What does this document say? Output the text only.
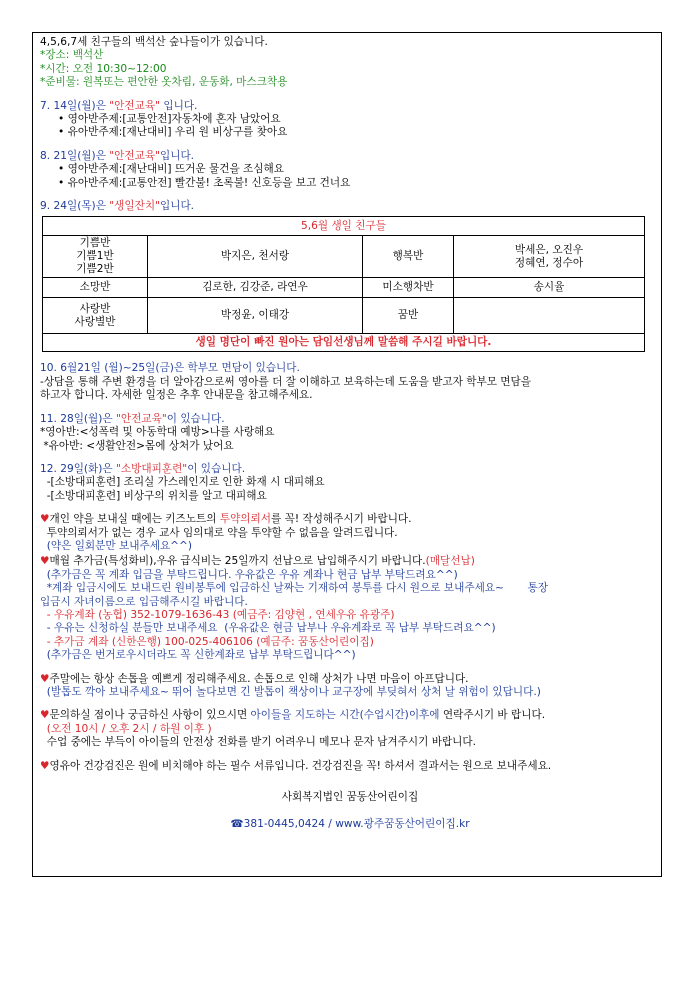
4,5,6,7세 친구들의 백석산 숲나들이가 있습니다.
*장소: 백석산
*시간: 오전 10:30~12:00
*준비물: 원복또는 편안한 옷차림, 운동화, 마스크착용
7. 14일(월)은 "안전교육" 입니다.
• 영아반주제:[교통안전]자동차에 혼자 남았어요
• 유아반주제:[재난대비] 우리 원 비상구를 찾아요
8. 21일(월)은 "안전교육"입니다.
• 영아반주제:[재난대비] 뜨거운 물건을 조심해요
• 유아반주제:[교통안전] 빨간불! 초록불! 신호등을 보고 건너요
9. 24일(목)은 "생일잔치"입니다.
5,6월 생일 친구들			
기쁨반
기쁨1반
기쁨2반	박지은, 천서랑	행복반	박세은, 오진우
정혜연, 정수아
소망반	김로한, 김강준, 라연우	미소행차반	송시율
사랑반
사랑별반	박정윤, 이태강	꿈반	
생일 명단이 빠진 원아는 담임선생님께 말씀해 주시길 바랍니다.			
10. 6월21일 (월)~25일(금)은 학부모 면담이 있습니다.
-상담을 통해 주변 환경을 더 알아감으로써 영아를 더 잘 이해하고 보육하는데 도움을 받고자 학부모 면담을
하고자 합니다. 자세한 일정은 추후 안내문을 참고해주세요.
11. 28일(월)은 "안전교육"이 있습니다.
*영아반:<성폭력 및 아동학대 예방>나를 사랑해요
*유아반: <생활안전>몸에 상처가 났어요
12. 29일(화)은 "소방대피훈련"이 있습니다.
-[소방대피훈련] 조리실 가스레인지로 인한 화재 시 대피해요
-[소방대피훈련] 비상구의 위치를 알고 대피해요
♥개인 약을 보내실 때에는 키즈노트의 투약의뢰서를 꼭! 작성해주시기 바랍니다.
투약의뢰서가 없는 경우 교사 임의대로 약을 투약할 수 없음을 알려드립니다.
(약은 일회분만 보내주세요^^)
♥매월 추가금(특성화비),우유 급식비는 25일까지 선납으로 납입해주시기 바랍니다.(매달선납)
(추가금은 꼭 계좌 입금을 부탁드립니다. 우유값은 우유 계좌나 현금 납부 부탁드려요^^)
*계좌 입금시에도 보내드린 원비봉투에 입금하신 날짜는 기재하여 봉투를 다시 원으로 보내주세요~       통장
입금시 자녀이름으로 입금해주시길 바랍니다.
- 우유계좌 (농협) 352-1079-1636-43 (예금주: 김양현 , 연세우유 유광주)
- 우유는 신청하실 분들만 보내주세요  (우유값은 현금 납부나 우유계좌로 꼭 납부 부탁드려요^^)
- 추가금 계좌 (신한은행) 100-025-406106 (예금주: 꿈동산어린이집)
(추가금은 번거로우시더라도 꼭 신한계좌로 납부 부탁드립니다^^)
♥주말에는 항상 손톱을 예쁘게 정리해주세요. 손톱으로 인해 상처가 나면 마음이 아프답니다.
(발톱도 깍아 보내주세요~ 뛰어 놀다보면 긴 발톱이 책상이나 교구장에 부딪혀서 상처 날 위험이 있답니다.)
♥문의하실 점이나 궁금하신 사항이 있으시면 아이들을 지도하는 시간(수업시간)이후에 연락주시기 바 랍니다.
(오전 10시 / 오후 2시 / 하원 이후 )
수업 중에는 부득이 아이들의 안전상 전화를 받기 어려우니 메모나 문자 남겨주시기 바랍니다.
♥영유아 건강검진은 원에 비치해야 하는 필수 서류입니다. 건강검진을 꼭! 하셔서 결과서는 원으로 보내주세요.
사회복지법인 꿈동산어린이집
☎381-0445,0424 / www.광주꿈동산어린이집.kr
